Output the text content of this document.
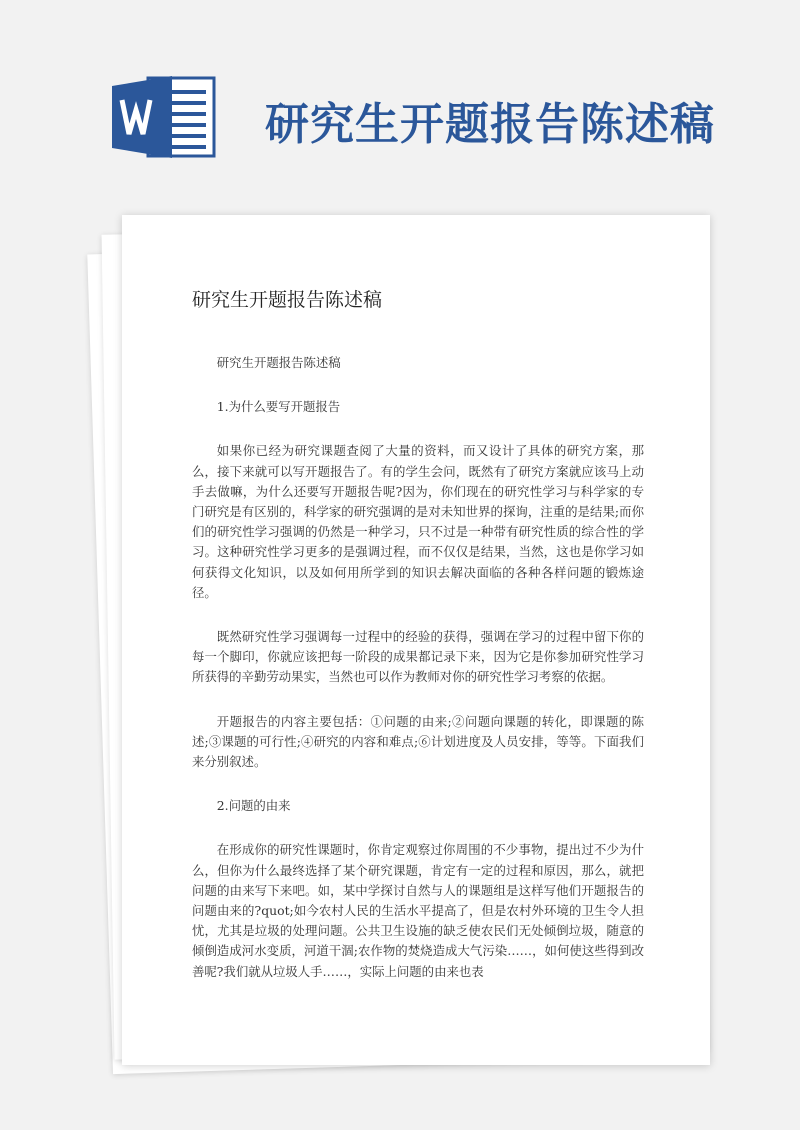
研究生开题报告陈述稿
研究生开题报告陈述稿

研究生开题报告陈述稿

1.为什么要写开题报告

如果你已经为研究课题查阅了大量的资料，而又设计了具体的研究方案，那么，接下来就可以写开题报告了。有的学生会问，既然有了研究方案就应该马上动手去做嘛，为什么还要写开题报告呢?因为，你们现在的研究性学习与科学家的专门研究是有区别的，科学家的研究强调的是对未知世界的探询，注重的是结果;而你们的研究性学习强调的仍然是一种学习，只不过是一种带有研究性质的综合性的学习。这种研究性学习更多的是强调过程，而不仅仅是结果，当然，这也是你学习如何获得文化知识，以及如何用所学到的知识去解决面临的各种各样问题的锻炼途径。

既然研究性学习强调每一过程中的经验的获得，强调在学习的过程中留下你的每一个脚印，你就应该把每一阶段的成果都记录下来，因为它是你参加研究性学习所获得的辛勤劳动果实，当然也可以作为教师对你的研究性学习考察的依据。

开题报告的内容主要包括：①问题的由来;②问题向课题的转化，即课题的陈述;③课题的可行性;④研究的内容和难点;⑥计划进度及人员安排，等等。下面我们来分别叙述。

2.问题的由来

在形成你的研究性课题时，你肯定观察过你周围的不少事物，提出过不少为什么，但你为什么最终选择了某个研究课题，肯定有一定的过程和原因，那么，就把问题的由来写下来吧。如，某中学探讨自然与人的课题组是这样写他们开题报告的问题由来的?quot;如今农村人民的生活水平提高了，但是农村外环境的卫生令人担忧，尤其是垃圾的处理问题。公共卫生设施的缺乏使农民们无处倾倒垃圾，随意的倾倒造成河水变质，河道干涸;农作物的焚烧造成大气污染……，如何使这些得到改善呢?我们就从垃圾人手……，实际上问题的由来也表
